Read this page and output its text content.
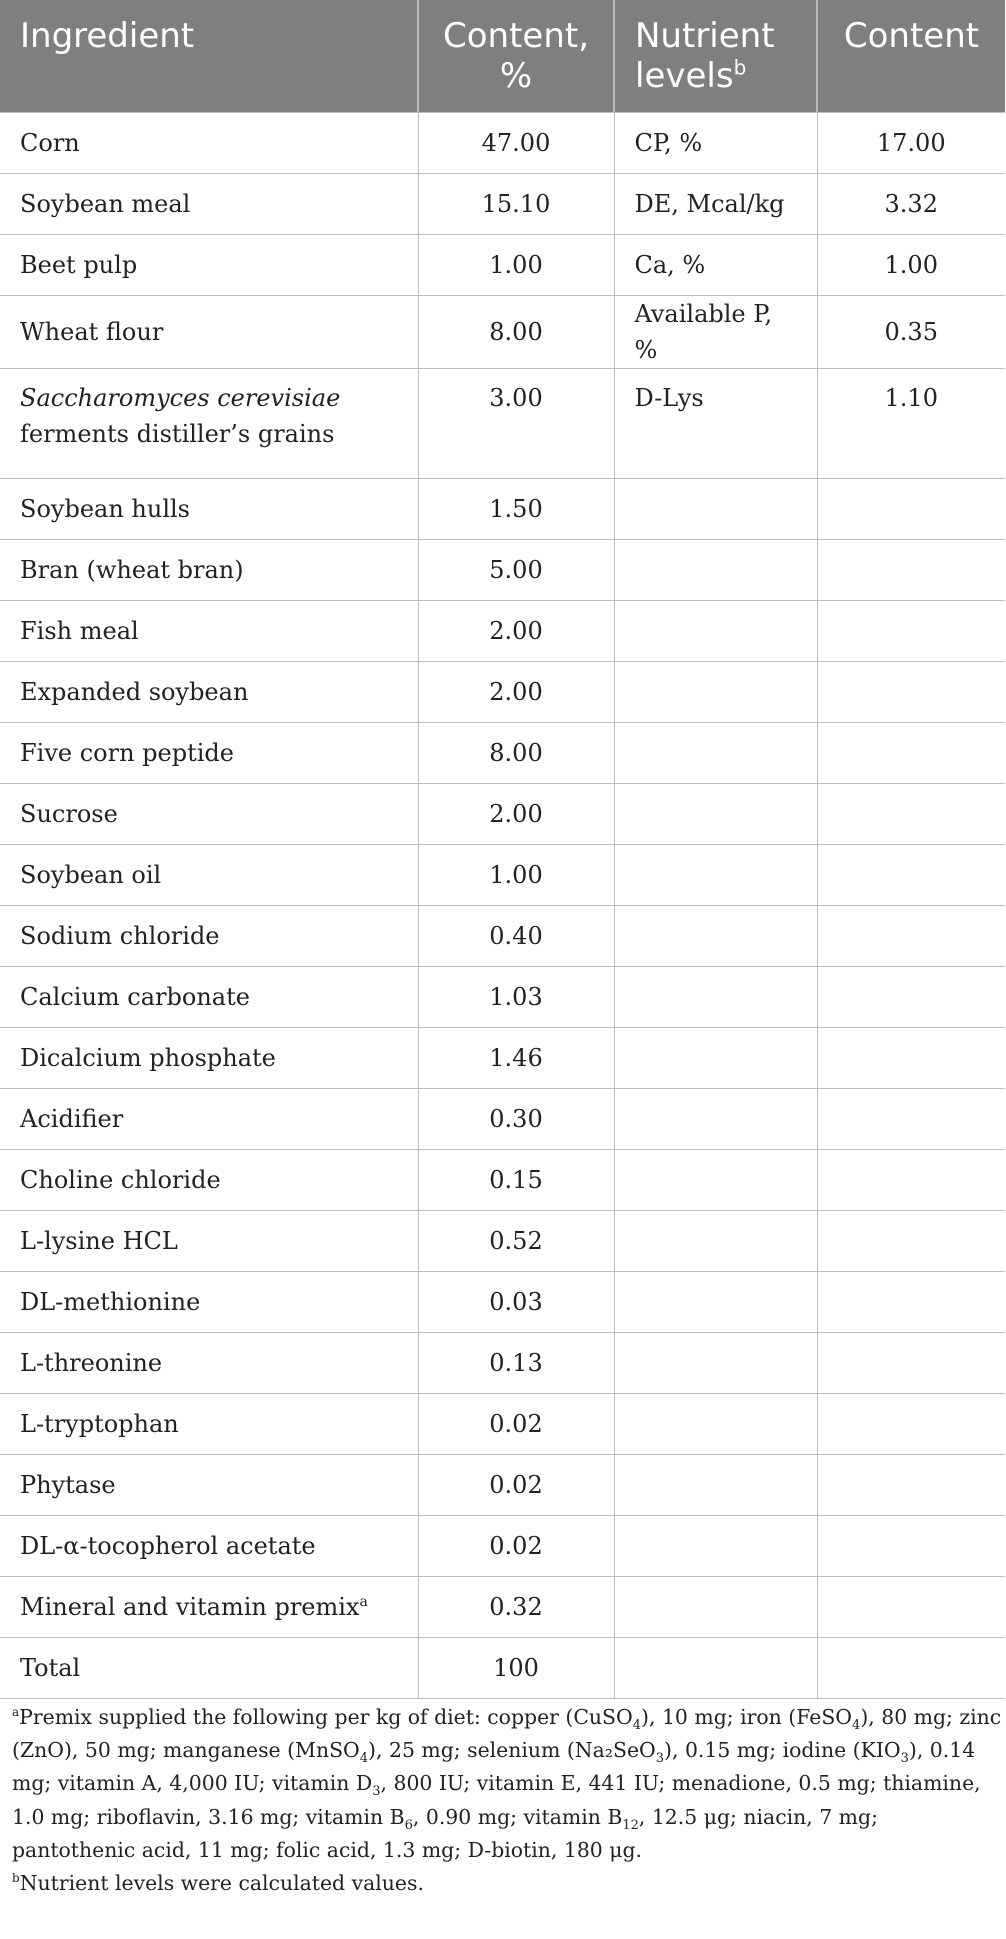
Ingredient	Content, %	Nutrient levels$^b$	Content
Corn	47.00	CP, %	17.00
Soybean meal	15.10	DE, Mcal/kg	3.32
Beet pulp	1.00	Ca, %	1.00
Wheat flour	8.00	Available P, %	0.35
Saccharomyces cerevisiae
ferments distiller’s grains	3.00	D-Lys	1.10
Soybean hulls	1.50		
Bran (wheat bran)	5.00		
Fish meal	2.00		
Expanded soybean	2.00		
Five corn peptide	8.00		
Sucrose	2.00		
Soybean oil	1.00		
Sodium chloride	0.40		
Calcium carbonate	1.03		
Dicalcium phosphate	1.46		
Acidifier	0.30		
Choline chloride	0.15		
L-lysine HCL	0.52		
DL-methionine	0.03		
L-threonine	0.13		
L-tryptophan	0.02		
Phytase	0.02		
DL-α-tocopherol acetate	0.02		
Mineral and vitamin premix$^a$	0.32		
Total	100		

$^a$Premix supplied the following per kg of diet: copper (CuSO$_4$), 10 mg; iron (FeSO$_4$), 80 mg; zinc (ZnO), 50 mg; manganese (MnSO$_4$), 25 mg; selenium (Na₂SeO$_3$), 0.15 mg; iodine $(KIO_3)$, 0.14 mg; vitamin A, 4,000 IU; vitamin $D_3$, 800 IU; vitamin E, 441 IU; menadione, 0.5 mg; thiamine, 1.0 mg; riboflavin, 3.16 mg; vitamin $B_6$, 0.90 mg; vitamin $B_{12}$, 12.5 μg; niacin, 7 mg; pantothenic acid, 11 mg; folic acid, 1.3 mg; D-biotin, 180 μg.

$^b$Nutrient levels were calculated values.
